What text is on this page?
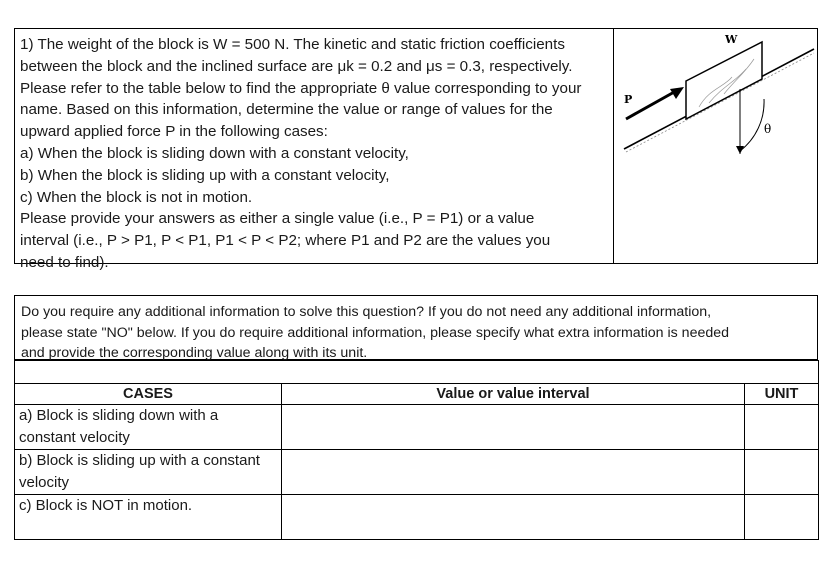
1) The weight of the block is W = 500 N. The kinetic and static friction coefficients

between the block and the inclined surface are μk = 0.2 and μs = 0.3, respectively.

Please refer to the table below to find the appropriate θ value corresponding to your

name. Based on this information, determine the value or range of values for the

upward applied force P in the following cases:

a) When the block is sliding down with a constant velocity,

b) When the block is sliding up with a constant velocity,

c) When the block is not in motion.

Please provide your answers as either a single value (i.e., P = P1) or a value

interval (i.e., P > P1, P < P1, P1 < P < P2; where P1 and P2 are the values you

need to find).

W
P
θ
Do you require any additional information to solve this question? If you do not need any additional information,
please state "NO" below. If you do require additional information, please specify what extra information is needed
and provide the corresponding value along with its unit.

CASES	Value or value interval	UNIT
a) Block is sliding down with a constant velocity		
b) Block is sliding up with a constant velocity		
c) Block is NOT in motion.		
